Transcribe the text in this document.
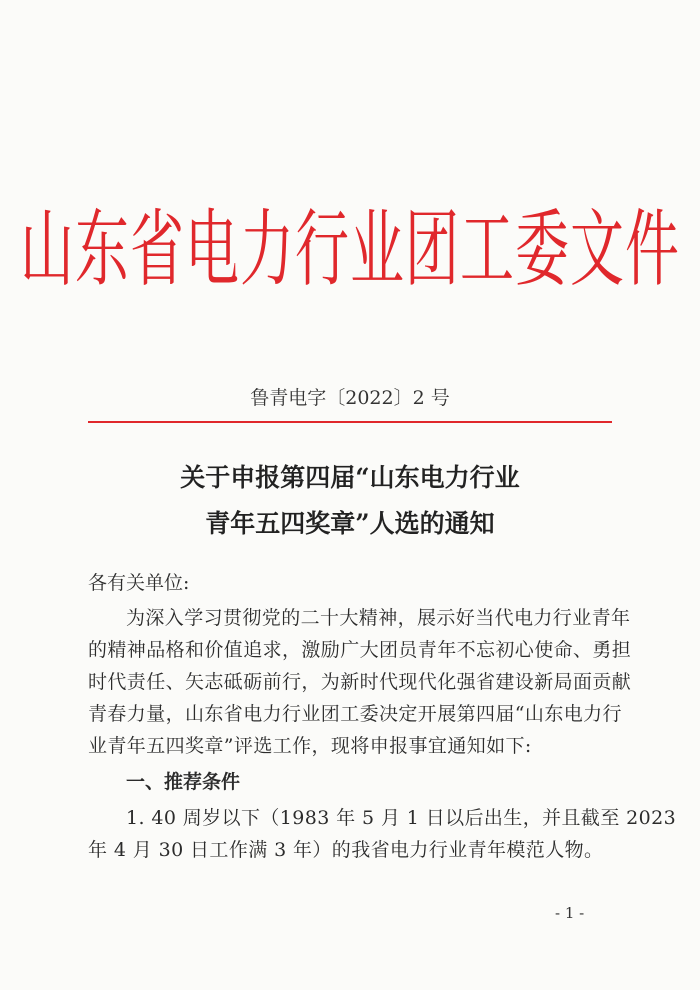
山东省电力行业团工委文件
鲁青电字〔2022〕2 号
关于申报第四届“山东电力行业
青年五四奖章”人选的通知
各有关单位:
为深入学习贯彻党的二十大精神，展示好当代电力行业青年
的精神品格和价值追求，激励广大团员青年不忘初心使命、勇担
时代责任、矢志砥砺前行，为新时代现代化强省建设新局面贡献
青春力量，山东省电力行业团工委决定开展第四届“山东电力行
业青年五四奖章”评选工作，现将申报事宜通知如下:
一、推荐条件
1. 40 周岁以下（1983 年 5 月 1 日以后出生，并且截至 2023
年 4 月 30 日工作满 3 年）的我省电力行业青年模范人物。
- 1 -
